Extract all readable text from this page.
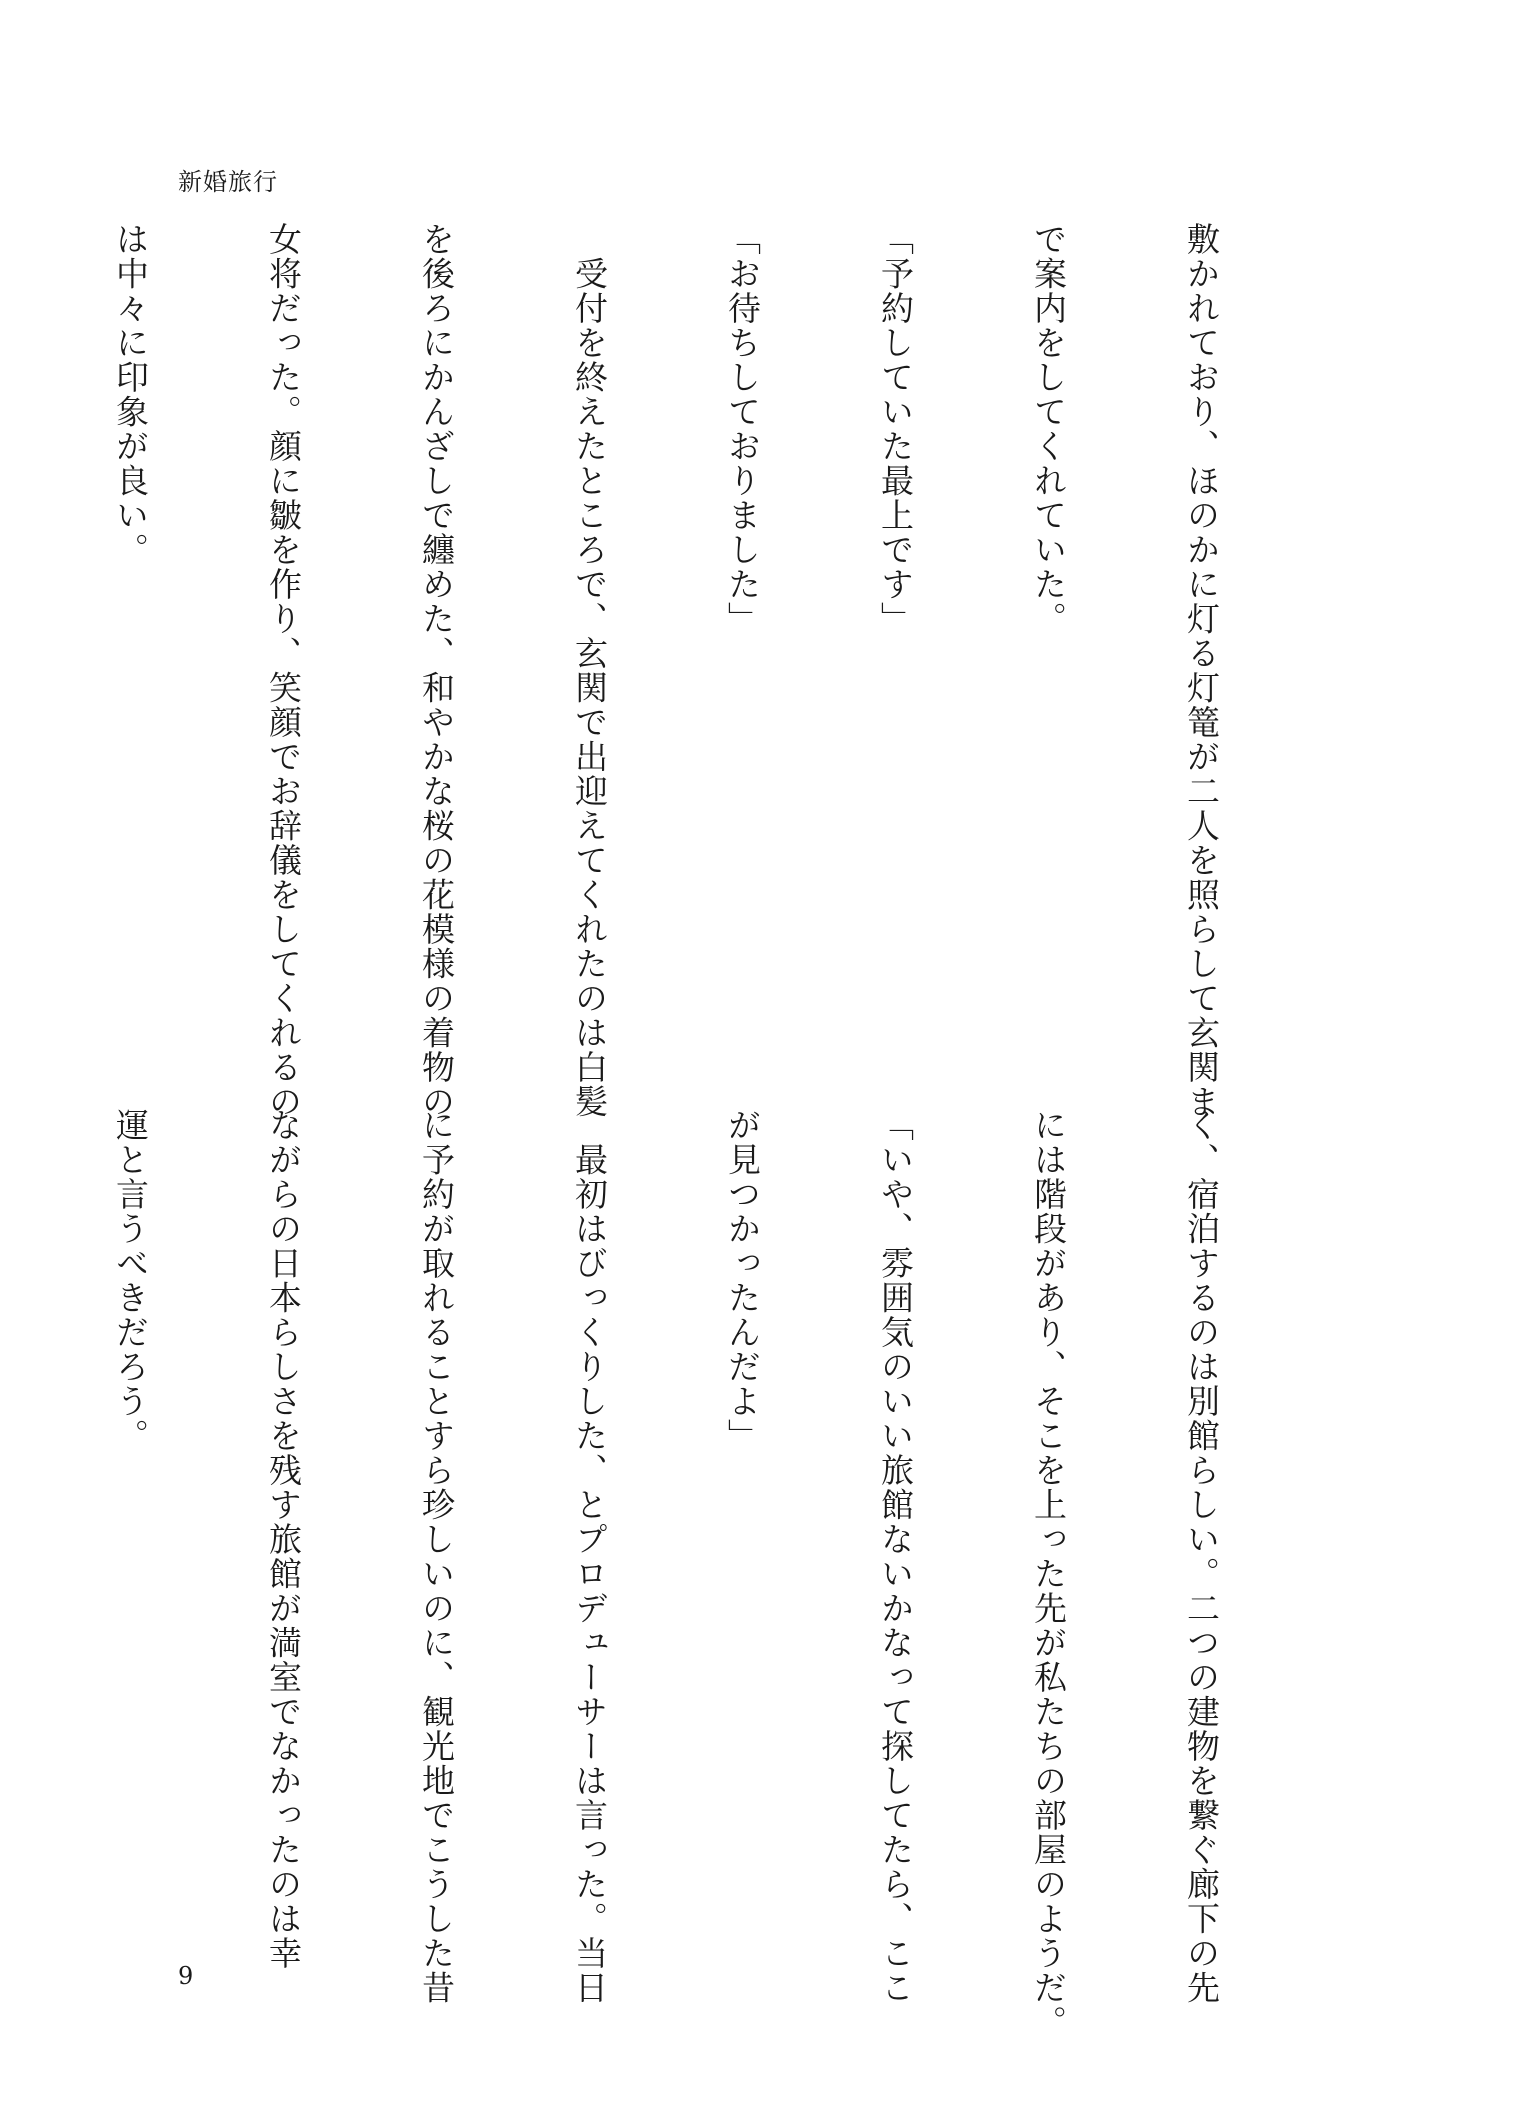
新婚旅行

敷かれており、ほのかに灯る灯篭が二人を照らして玄関ま

で案内をしてくれていた。

「予約していた最上です」

「お待ちしておりました」

　受付を終えたところで、玄関で出迎えてくれたのは白髪

を後ろにかんざしで纏めた、和やかな桜の花模様の着物の

女将だった。顔に皺を作り、笑顔でお辞儀をしてくれるの

は中々に印象が良い。

く、宿泊するのは別館らしい。二つの建物を繋ぐ廊下の先

には階段があり、そこを上った先が私たちの部屋のようだ。

「いや、雰囲気のいい旅館ないかなって探してたら、ここ

が見つかったんだよ」

　最初はびっくりした、とプロデューサーは言った。当日

に予約が取れることすら珍しいのに、観光地でこうした昔

ながらの日本らしさを残す旅館が満室でなかったのは幸

運と言うべきだろう。

9
